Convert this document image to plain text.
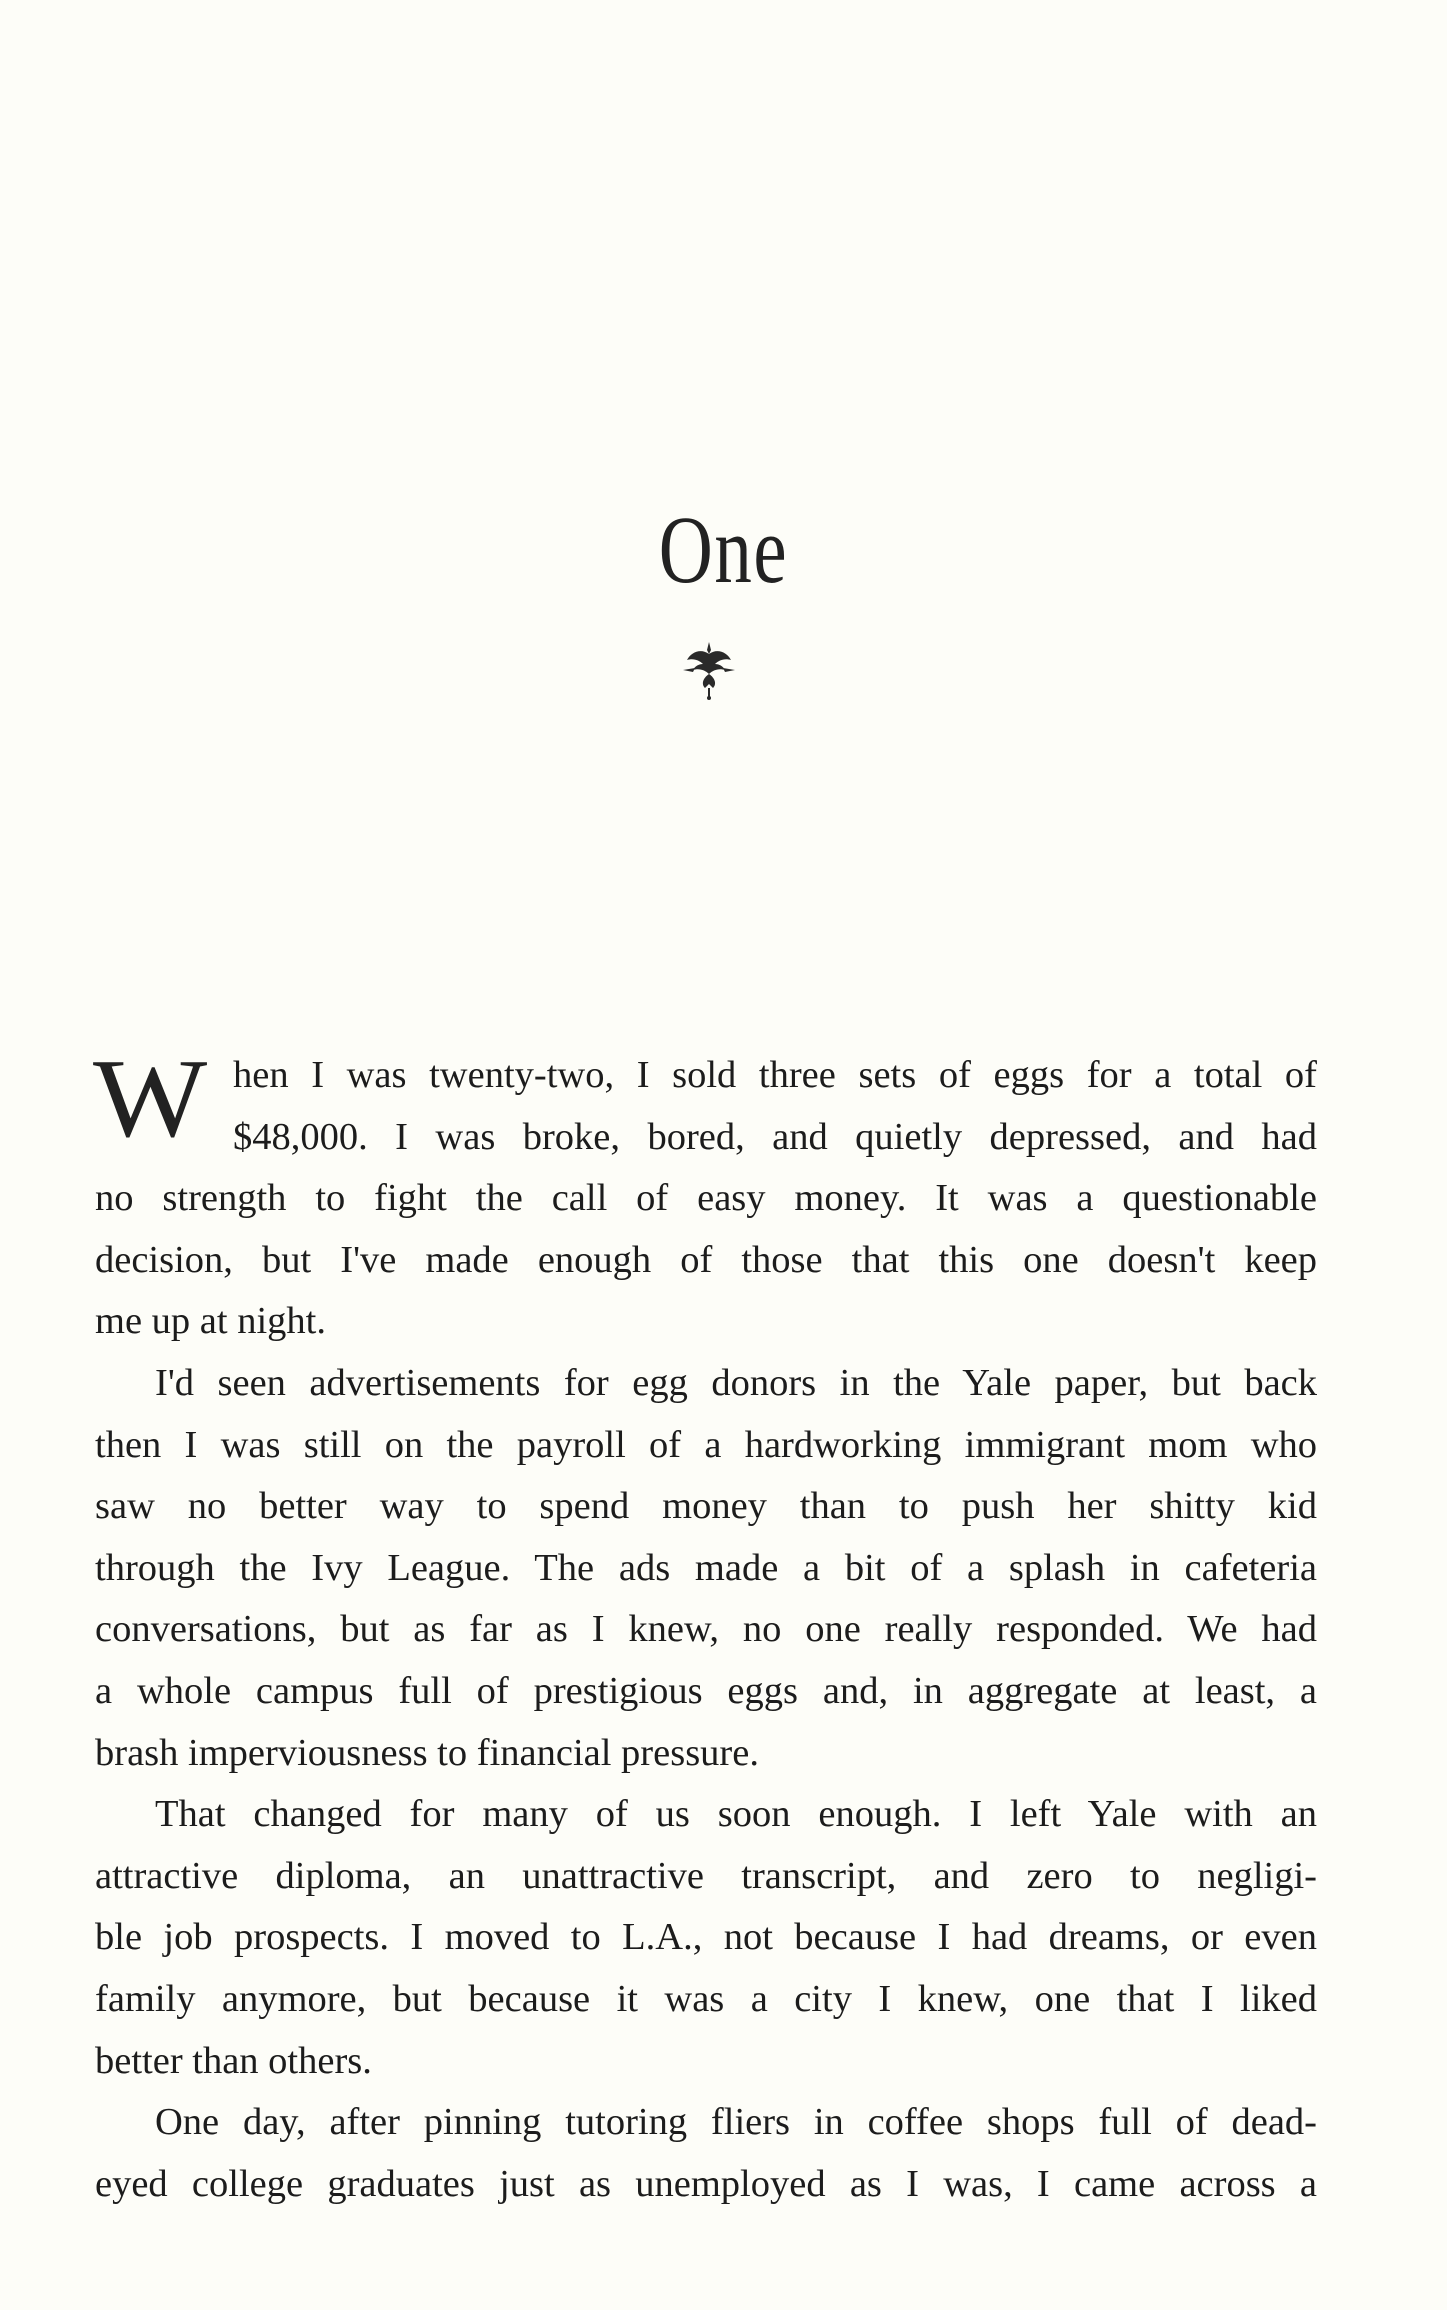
One
W hen I was twenty-two, I sold three sets of eggs for a total of
$48,000. I was broke, bored, and quietly depressed, and had
no strength to fight the call of easy money. It was a questionable
decision, but I've made enough of those that this one doesn't keep
me up at night.
I'd seen advertisements for egg donors in the Yale paper, but back
then I was still on the payroll of a hardworking immigrant mom who
saw no better way to spend money than to push her shitty kid
through the Ivy League. The ads made a bit of a splash in cafeteria
conversations, but as far as I knew, no one really responded. We had
a whole campus full of prestigious eggs and, in aggregate at least, a
brash imperviousness to financial pressure.
That changed for many of us soon enough. I left Yale with an
attractive diploma, an unattractive transcript, and zero to negligi-
ble job prospects. I moved to L.A., not because I had dreams, or even
family anymore, but because it was a city I knew, one that I liked
better than others.
One day, after pinning tutoring fliers in coffee shops full of dead-
eyed college graduates just as unemployed as I was, I came across a
